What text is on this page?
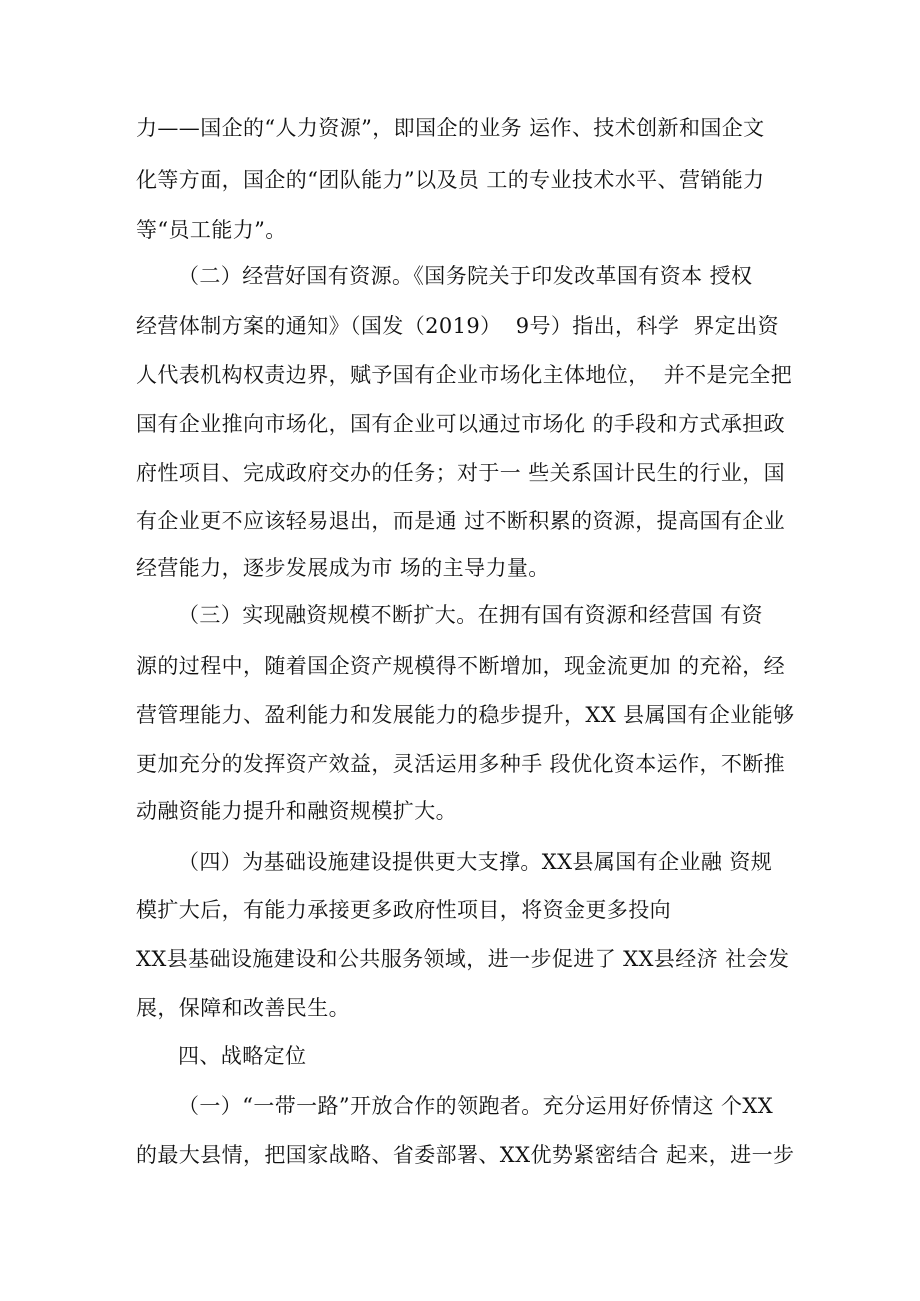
力——国企的“人力资源”，即国企的业务 运作、技术创新和国企文
化等方面，国企的“团队能力”以及员 工的专业技术水平、营销能力
等“员工能力”。
（二）经营好国有资源。《国务院关于印发改革国有资本 授权
经营体制方案的通知》（国发（2019）  9号）指出，科学  界定出资
人代表机构权责边界，赋予国有企业市场化主体地位，  并不是完全把
国有企业推向市场化，国有企业可以通过市场化 的手段和方式承担政
府性项目、完成政府交办的任务；对于一 些关系国计民生的行业，国
有企业更不应该轻易退出，而是通 过不断积累的资源，提高国有企业
经营能力，逐步发展成为市 场的主导力量。
（三）实现融资规模不断扩大。在拥有国有资源和经营国 有资
源的过程中，随着国企资产规模得不断增加，现金流更加 的充裕，经
营管理能力、盈利能力和发展能力的稳步提升，XX 县属国有企业能够
更加充分的发挥资产效益，灵活运用多种手 段优化资本运作，不断推
动融资能力提升和融资规模扩大。
（四）为基础设施建设提供更大支撑。XX县属国有企业融 资规
模扩大后，有能力承接更多政府性项目，将资金更多投向
XX县基础设施建设和公共服务领域，进一步促进了 XX县经济 社会发
展，保障和改善民生。
四、战略定位
（一）“一带一路”开放合作的领跑者。充分运用好侨情这 个XX
的最大县情，把国家战略、省委部署、XX优势紧密结合 起来，进一步
